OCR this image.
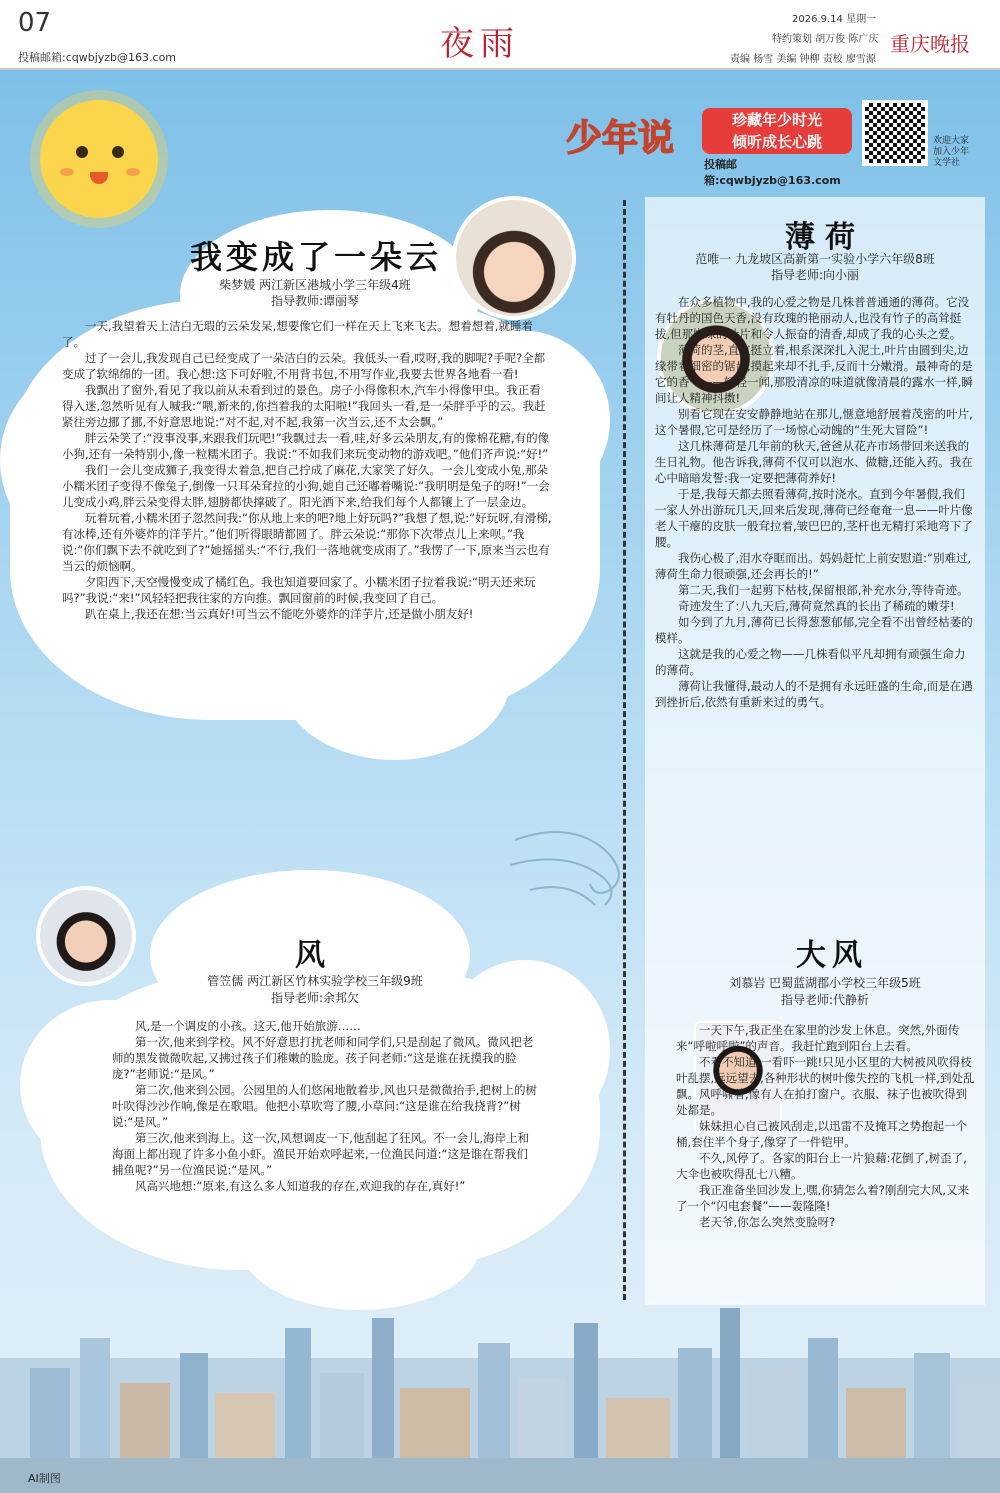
07
投稿邮箱:cqwbjyzb@163.com	夜雨
2026.9.14 星期一
特约策划 胡万俊 陈广庆
责编 杨雪 美编 钟柳 责校 廖雪源
重庆晚报
少年说	珍藏年少时光
倾听成长心跳
投稿邮箱:cqwbjyzb@163.com
欢迎大家加入少年文学社
我变成了一朵云
柴梦媛 两江新区港城小学三年级4班
指导教师:谭丽琴

一天,我望着天上洁白无瑕的云朵发呆,想要像它们一样在天上飞来飞去。想着想着,就睡着了。

过了一会儿,我发现自己已经变成了一朵洁白的云朵。我低头一看,哎呀,我的脚呢?手呢?全都变成了软绵绵的一团。我心想:这下可好啦,不用背书包,不用写作业,我要去世界各地看一看!

我飘出了窗外,看见了我以前从未看到过的景色。房子小得像积木,汽车小得像甲虫。我正看得入迷,忽然听见有人喊我:“喂,新来的,你挡着我的太阳啦!”我回头一看,是一朵胖乎乎的云。我赶紧往旁边挪了挪,不好意思地说:“对不起,对不起,我第一次当云,还不太会飘。”

胖云朵笑了:“没事没事,来跟我们玩吧!”我飘过去一看,哇,好多云朵朋友,有的像棉花糖,有的像小狗,还有一朵特别小,像一粒糯米团子。我说:“不如我们来玩变动物的游戏吧。”他们齐声说:“好!”

我们一会儿变成狮子,我变得太着急,把自己拧成了麻花,大家笑了好久。一会儿变成小兔,那朵小糯米团子变得不像兔子,倒像一只耳朵耷拉的小狗,她自己还嘟着嘴说:“我明明是兔子的呀!”一会儿变成小鸡,胖云朵变得太胖,翅膀都快撑破了。阳光洒下来,给我们每个人都镶上了一层金边。

玩着玩着,小糯米团子忽然问我:“你从地上来的吧?地上好玩吗?”我想了想,说:“好玩呀,有滑梯,有冰棒,还有外婆炸的洋芋片。”他们听得眼睛都圆了。胖云朵说:“那你下次带点儿上来呗。”我说:“你们飘下去不就吃到了?”她摇摇头:“不行,我们一落地就变成雨了。”我愣了一下,原来当云也有当云的烦恼啊。

夕阳西下,天空慢慢变成了橘红色。我也知道要回家了。小糯米团子拉着我说:“明天还来玩吗?”我说:“来!”风轻轻把我往家的方向推。飘回窗前的时候,我变回了自己。

趴在桌上,我还在想:当云真好!可当云不能吃外婆炸的洋芋片,还是做小朋友好!

薄荷
范唯一 九龙坡区高新第一实验小学六年级8班
指导老师:向小丽

在众多植物中,我的心爱之物是几株普普通通的薄荷。它没有牡丹的国色天香,没有玫瑰的艳丽动人,也没有竹子的高耸挺拔,但那嫩绿的叶片和令人振奋的清香,却成了我的心头之爱。

薄荷的茎,直直挺立着,根系深深扎入泥土,叶片由圆到尖,边缘带着细密的锯齿,摸起来却不扎手,反而十分嫩滑。最神奇的是它的香气——轻轻一闻,那股清凉的味道就像清晨的露水一样,瞬间让人精神抖擞!

别看它现在安安静静地站在那儿,惬意地舒展着茂密的叶片,这个暑假,它可是经历了一场惊心动魄的“生死大冒险”!

这几株薄荷是几年前的秋天,爸爸从花卉市场带回来送我的生日礼物。他告诉我,薄荷不仅可以泡水、做糖,还能入药。我在心中暗暗发誓:我一定要把薄荷养好!

于是,我每天都去照看薄荷,按时浇水。直到今年暑假,我们一家人外出游玩几天,回来后发现,薄荷已经奄奄一息——叶片像老人干瘪的皮肤一般耷拉着,皱巴巴的,茎杆也无精打采地弯下了腰。

我伤心极了,泪水夺眶而出。妈妈赶忙上前安慰道:“别难过,薄荷生命力很顽强,还会再长的!”

第二天,我们一起剪下枯枝,保留根部,补充水分,等待奇迹。

奇迹发生了:八九天后,薄荷竟然真的长出了稀疏的嫩芽!

如今到了九月,薄荷已长得葱葱郁郁,完全看不出曾经枯萎的模样。

这就是我的心爱之物——几株看似平凡却拥有顽强生命力的薄荷。

薄荷让我懂得,最动人的不是拥有永远旺盛的生命,而是在遇到挫折后,依然有重新来过的勇气。

风
管笠儒 两江新区竹林实验学校三年级9班
指导老师:余邦欠

风,是一个调皮的小孩。这天,他开始旅游……

第一次,他来到学校。风不好意思打扰老师和同学们,只是刮起了微风。微风把老师的黑发微微吹起,又拂过孩子们稚嫩的脸庞。孩子问老师:“这是谁在抚摸我的脸庞?”老师说:“是风。”

第二次,他来到公园。公园里的人们悠闲地散着步,风也只是微微抬手,把树上的树叶吹得沙沙作响,像是在歌唱。他把小草吹弯了腰,小草问:“这是谁在给我挠背?”树说:“是风。”

第三次,他来到海上。这一次,风想调皮一下,他刮起了狂风。不一会儿,海岸上和海面上都出现了许多小鱼小虾。渔民开始欢呼起来,一位渔民问道:“这是谁在帮我们捕鱼呢?”另一位渔民说:“是风。”

风高兴地想:“原来,有这么多人知道我的存在,欢迎我的存在,真好!”

大风
刘慕岩 巴蜀蓝湖郡小学校三年级5班
指导老师:代静析

一天下午,我正坐在家里的沙发上休息。突然,外面传来“呼啦呼啦”的声音。我赶忙跑到阳台上去看。

不看不知道,一看吓一跳!只见小区里的大树被风吹得枝叶乱摆,远远望去,各种形状的树叶像失控的飞机一样,到处乱飘。风呼啸着,像有人在拍打窗户。衣服、袜子也被吹得到处都是。

妹妹担心自己被风刮走,以迅雷不及掩耳之势抱起一个桶,套住半个身子,像穿了一件铠甲。

不久,风停了。各家的阳台上一片狼藉:花倒了,树歪了,大伞也被吹得乱七八糟。

我正准备坐回沙发上,嘿,你猜怎么着?刚刮完大风,又来了一个“闪电套餐”——轰隆隆!

老天爷,你怎么突然变脸呀?

AI制图
